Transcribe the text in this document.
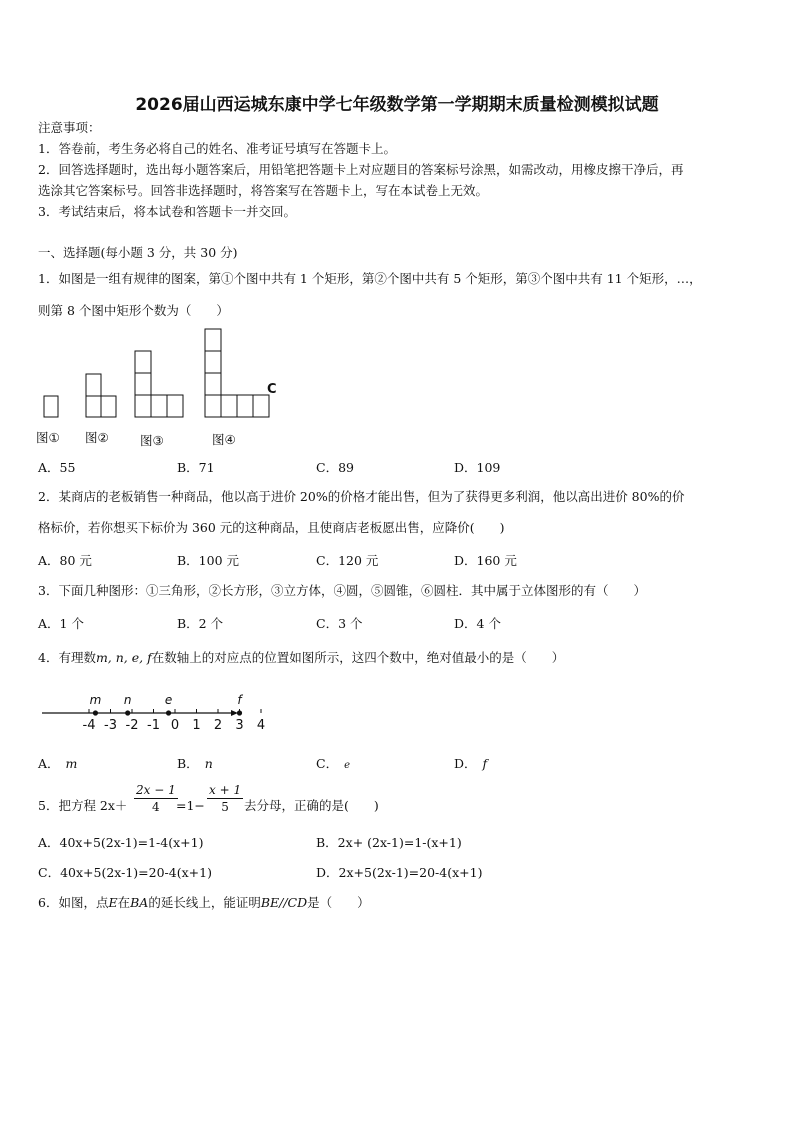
2026届山西运城东康中学七年级数学第一学期期末质量检测模拟试题
注意事项：
1．答卷前，考生务必将自己的姓名、准考证号填写在答题卡上。
2．回答选择题时，选出每小题答案后，用铅笔把答题卡上对应题目的答案标号涂黑，如需改动，用橡皮擦干净后，再
选涂其它答案标号。回答非选择题时，将答案写在答题卡上，写在本试卷上无效。
3．考试结束后，将本试卷和答题卡一并交回。
一、选择题(每小题 3 分，共 30 分)
1．如图是一组有规律的图案，第①个图中共有 1 个矩形，第②个图中共有 5 个矩形，第③个图中共有 11 个矩形，…，
则第 8 个图中矩形个数为（　　）
C
图① 图②	图③	图④
A．55	B．71	C．89	D．109
2．某商店的老板销售一种商品，他以高于进价 20%的价格才能出售，但为了获得更多利润，他以高出进价 80%的价
格标价，若你想买下标价为 360 元的这种商品，且使商店老板愿出售，应降价(　　)
A．80 元	B．100 元	C．120 元	D．160 元
3．下面几种图形：①三角形，②长方形，③立方体，④圆，⑤圆锥，⑥圆柱．其中属于立体图形的有（　　）
A．1 个	B．2 个	C．3 个	D．4 个
4．有理数m, n, e, f在数轴上的对应点的位置如图所示，这四个数中，绝对值最小的是（　　）
-4 -3 -2 -1 0 1 2 3 4
m n	e	f
A． m	B． n	C． e	D． f
5．把方程 $2x+ \frac{2x - 1}{4}$
$=1- \frac{x + 1}{5}$ 去分母，正确的是(　　)
A．40x+5(2x-1)=1-4(x+1)	B．2x+ (2x-1)=1-(x+1)
C．40x+5(2x-1)=20-4(x+1)	D．2x+5(2x-1)=20-4(x+1)
6．如图，点E在BA的延长线上，能证明BE//CD是（　　）
